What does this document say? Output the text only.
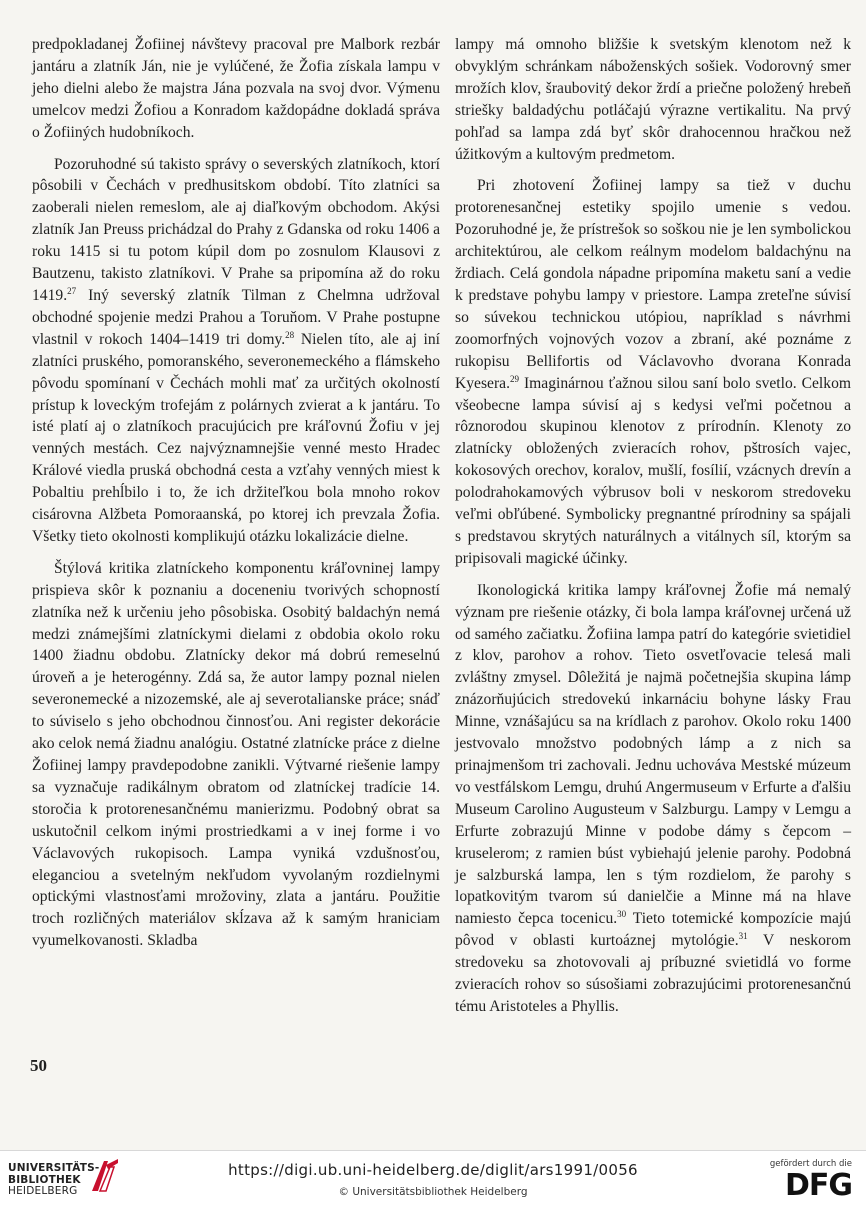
predpokladanej Žofiinej návštevy pracoval pre Malbork rezbár jantáru a zlatník Ján, nie je vylúčené, že Žofia získala lampu v jeho dielni alebo že majstra Jána pozvala na svoj dvor. Výmenu umelcov medzi Žofiou a Konradom každopádne dokladá správa o Žofiiných hudobníkoch.

Pozoruhodné sú takisto správy o severských zlatníkoch, ktorí pôsobili v Čechách v predhusitskom období. Títo zlatníci sa zaoberali nielen remeslom, ale aj diaľkovým obchodom. Akýsi zlatník Jan Preuss prichádzal do Prahy z Gdanska od roku 1406 a roku 1415 si tu potom kúpil dom po zosnulom Klausovi z Bautzenu, takisto zlatníkovi. V Prahe sa pripomína až do roku 1419.27 Iný severský zlatník Tilman z Chelmna udržoval obchodné spojenie medzi Prahou a Toruňom. V Prahe postupne vlastnil v rokoch 1404–1419 tri domy.$^{28}$ Nielen títo, ale aj iní zlatníci pruského, pomoranského, severonemeckého a flámskeho pôvodu spomínaní v Čechách mohli mať za určitých okolností prístup k loveckým trofejám z polárnych zvierat a k jantáru. To isté platí aj o zlatníkoch pracujúcich pre kráľovnú Žofiu v jej venných mestách. Cez najvýznamnejšie venné mesto Hradec Králové viedla pruská obchodná cesta a vzťahy venných miest k Pobaltiu prehĺbilo i to, že ich držiteľkou bola mnoho rokov cisárovna Alžbeta Pomoraanská, po ktorej ich prevzala Žofia. Všetky tieto okolnosti komplikujú otázku lokalizácie dielne.

Štýlová kritika zlatníckeho komponentu kráľovninej lampy prispieva skôr k poznaniu a doceneniu tvorivých schopností zlatníka než k určeniu jeho pôsobiska. Osobitý baldachýn nemá medzi známejšími zlatníckymi dielami z obdobia okolo roku 1400 žiadnu obdobu. Zlatnícky dekor má dobrú remeselnú úroveň a je heterogénny. Zdá sa, že autor lampy poznal nielen severonemecké a nizozemské, ale aj severotalianske práce; snáď to súviselo s jeho obchodnou činnosťou. Ani register dekorácie ako celok nemá žiadnu analógiu. Ostatné zlatnícke práce z dielne Žofiinej lampy pravdepodobne zanikli. Výtvarné riešenie lampy sa vyznačuje radikálnym obratom od zlatníckej tradície 14. storočia k protorenesančnému manierizmu. Podobný obrat sa uskutočnil celkom inými prostriedkami a v inej forme i vo Václavových rukopisoch. Lampa vyniká vzdušnosťou, eleganciou a svetelným nekľudom vyvolaným rozdielnymi optickými vlastnosťami mrožoviny, zlata a jantáru. Použitie troch rozličných materiálov skĺzava až k samým hraniciam vyumelkovanosti. Skladba

lampy má omnoho bližšie k svetským klenotom než k obvyklým schránkam náboženských sošiek. Vodorovný smer mrožích klov, šraubovitý dekor žrdí a priečne položený hrebeň striešky baldadýchu potláčajú výrazne vertikalitu. Na prvý pohľad sa lampa zdá byť skôr drahocennou hračkou než úžitkovým a kultovým predmetom.

Pri zhotovení Žofiinej lampy sa tiež v duchu protorenesančnej estetiky spojilo umenie s vedou. Pozoruhodné je, že prístrešok so soškou nie je len symbolickou architektúrou, ale celkom reálnym modelom baldachýnu na žrdiach. Celá gondola nápadne pripomína maketu saní a vedie k predstave pohybu lampy v priestore. Lampa zreteľne súvisí so súvekou technickou utópiou, napríklad s návrhmi zoomorfných vojnových vozov a zbraní, aké poznáme z rukopisu Bellifortis od Václavovho dvorana Konrada Kyesera.$^{29}$ Imaginárnou ťažnou silou saní bolo svetlo. Celkom všeobecne lampa súvisí aj s kedysi veľmi početnou a rôznorodou skupinou klenotov z prírodnín. Klenoty zo zlatnícky obložených zvieracích rohov, pštrosích vajec, kokosových orechov, koralov, mušlí, fosílií, vzácnych drevín a polodrahokamových výbrusov boli v neskorom stredoveku veľmi obľúbené. Symbolicky pregnantné prírodniny sa spájali s predstavou skrytých naturálnych a vitálnych síl, ktorým sa pripisovali magické účinky.

Ikonologická kritika lampy kráľovnej Žofie má nemalý význam pre riešenie otázky, či bola lampa kráľovnej určená už od samého začiatku. Žofiina lampa patrí do kategórie svietidiel z klov, parohov a rohov. Tieto osvetľovacie telesá mali zvláštny zmysel. Dôležitá je najmä početnejšia skupina lámp znázorňujúcich stredovekú inkarnáciu bohyne lásky Frau Minne, vznášajúcu sa na krídlach z parohov. Okolo roku 1400 jestvovalo množstvo podobných lámp a z nich sa prinajmenšom tri zachovali. Jednu uchováva Mestské múzeum vo vestfálskom Lemgu, druhú Angermuseum v Erfurte a ďalšiu Museum Carolino Augusteum v Salzburgu. Lampy v Lemgu a Erfurte zobrazujú Minne v podobe dámy s čepcom – kruselerom; z ramien búst vybiehajú jelenie parohy. Podobná je salzburská lampa, len s tým rozdielom, že parohy s lopatkovitým tvarom sú danielčie a Minne má na hlave namiesto čepca tocenicu.$^{30}$ Tieto totemické kompozície majú pôvod v oblasti kurtoáznej mytológie.$^{31}$ V neskorom stredoveku sa zhotovovali aj príbuzné svietidlá vo forme zvieracích rohov so súsošiami zobrazujúcimi protorenesančnú tému Aristoteles a Phyllis.

50
UNIVERSITÄTS-
BIBLIOTHEK
HEIDELBERG
https://digi.ub.uni-heidelberg.de/diglit/ars1991/0056
© Universitätsbibliothek Heidelberg
gefördert durch die
DFG
